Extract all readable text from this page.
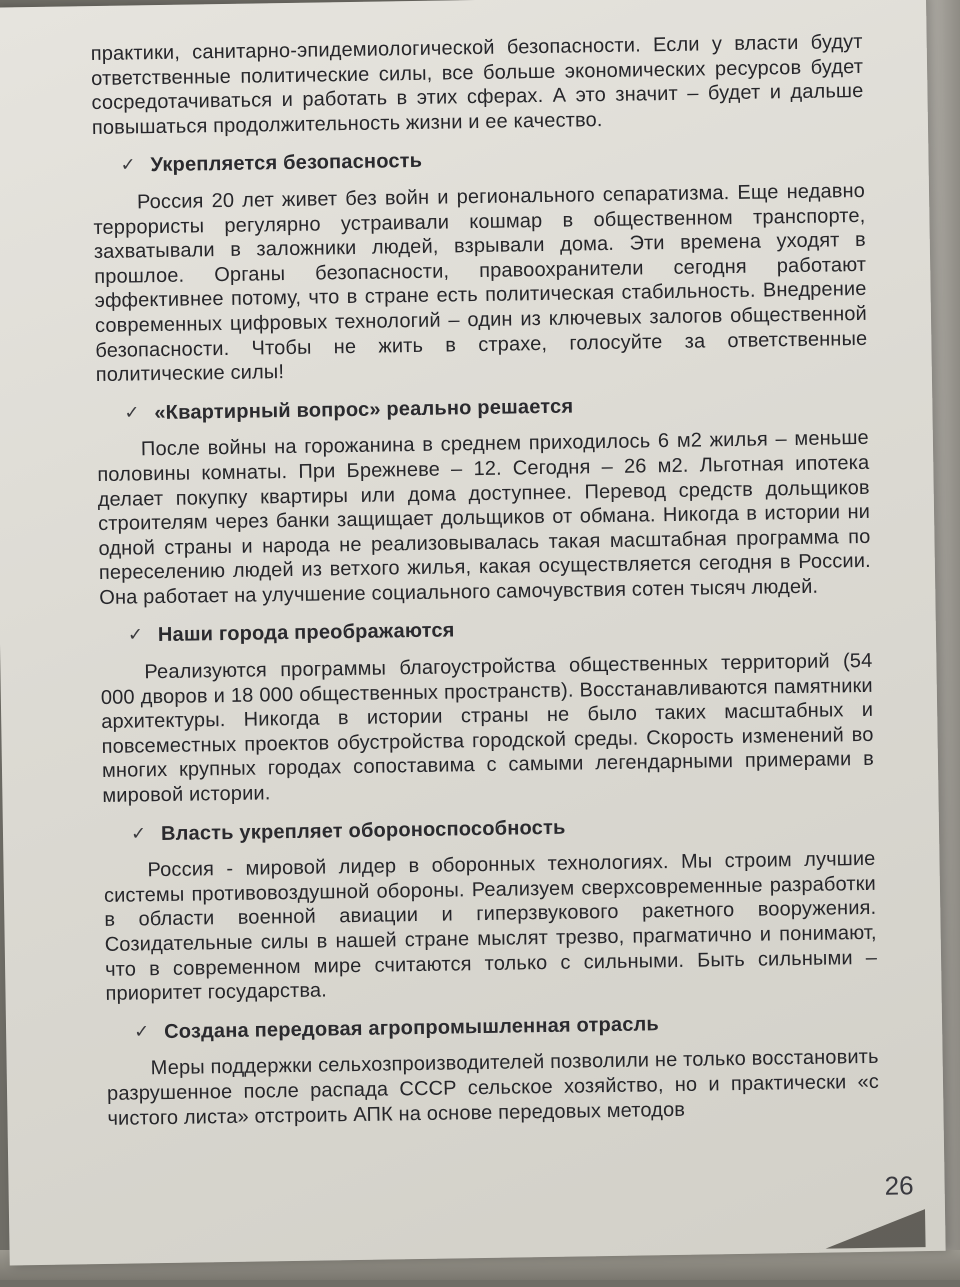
практики, санитарно-эпидемиологической безопасности. Если у власти будут ответственные политические силы, все больше экономических ресурсов будет сосредотачиваться и работать в этих сферах. А это значит – будет и дальше повышаться продолжительность жизни и ее качество.

✓ Укрепляется безопасность

Россия 20 лет живет без войн и регионального сепаратизма. Еще недавно террористы регулярно устраивали кошмар в общественном транспорте, захватывали в заложники людей, взрывали дома. Эти времена уходят в прошлое. Органы безопасности, правоохранители сегодня работают эффективнее потому, что в стране есть политическая стабильность. Внедрение современных цифровых технологий – один из ключевых залогов общественной безопасности. Чтобы не жить в страхе, голосуйте за ответственные политические силы!

✓ «Квартирный вопрос» реально решается

После войны на горожанина в среднем приходилось 6 м2 жилья – меньше половины комнаты. При Брежневе – 12. Сегодня – 26 м2. Льготная ипотека делает покупку квартиры или дома доступнее. Перевод средств дольщиков строителям через банки защищает дольщиков от обмана. Никогда в истории ни одной страны и народа не реализовывалась такая масштабная программа по переселению людей из ветхого жилья, какая осуществляется сегодня в России. Она работает на улучшение социального самочувствия сотен тысяч людей.

✓ Наши города преображаются

Реализуются программы благоустройства общественных территорий (54 000 дворов и 18 000 общественных пространств). Восстанавливаются памятники архитектуры. Никогда в истории страны не было таких масштабных и повсеместных проектов обустройства городской среды. Скорость изменений во многих крупных городах сопоставима с самыми легендарными примерами в мировой истории.

✓ Власть укрепляет обороноспособность

Россия - мировой лидер в оборонных технологиях. Мы строим лучшие системы противовоздушной обороны. Реализуем сверхсовременные разработки в области военной авиации и гиперзвукового ракетного вооружения. Созидательные силы в нашей стране мыслят трезво, прагматично и понимают, что в современном мире считаются только с сильными. Быть сильными – приоритет государства.

✓ Создана передовая агропромышленная отрасль

Меры поддержки сельхозпроизводителей позволили не только восстановить разрушенное после распада СССР сельское хозяйство, но и практически «с чистого листа» отстроить АПК на основе передовых методов

26
